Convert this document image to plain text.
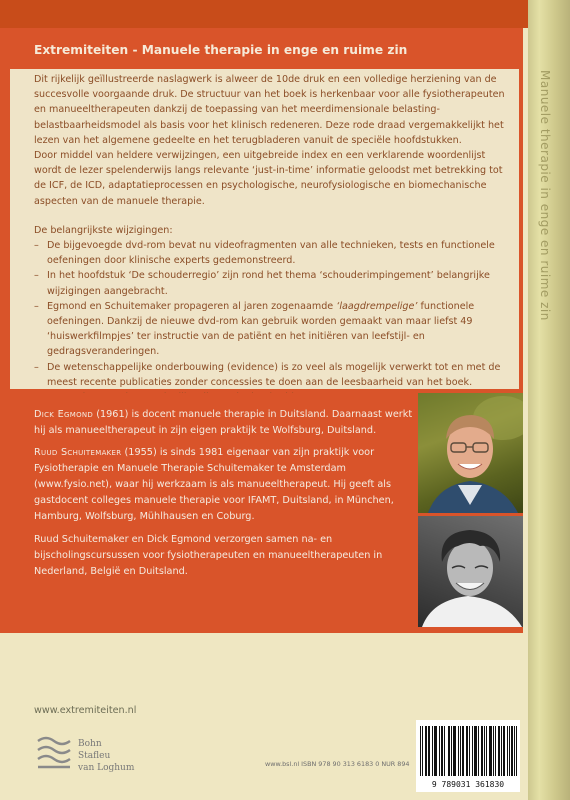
Manuele therapie in enge en ruime zin
Extremiteiten - Manuele therapie in enge en ruime zin

Dit rijkelijk geïllustreerde naslagwerk is alweer de 10de druk en een volledige herziening van de succesvolle voorgaande druk. De structuur van het boek is herkenbaar voor alle fysiotherapeuten en manueeltherapeuten dankzij de toepassing van het meerdimensionale belasting-belastbaarheidsmodel als basis voor het klinisch redeneren. Deze rode draad vergemakkelijkt het lezen van het algemene gedeelte en het terugbladeren vanuit de speciële hoofdstukken.

Door middel van heldere verwijzingen, een uitgebreide index en een verklarende woordenlijst wordt de lezer spelenderwijs langs relevante ‘just-in-time’ informatie geloodst met betrekking tot de ICF, de ICD, adaptatieprocessen en psychologische, neurofysiologische en biomechanische aspecten van de manuele therapie.

De belangrijkste wijzigingen:
– De bijgevoegde dvd-rom bevat nu videofragmenten van alle technieken, tests en functionele oefeningen door klinische experts gedemonstreerd.
– In het hoofdstuk ‘De schouderregio’ zijn rond het thema ‘schouderimpingement’ belangrijke wijzigingen aangebracht.
– Egmond en Schuitemaker propageren al jaren zogenaamde ‘laagdrempelige’ functionele oefeningen. Dankzij de nieuwe dvd-rom kan gebruik worden gemaakt van maar liefst 49 ‘huiswerkfilmpjes’ ter instructie van de patiënt en het initiëren van leefstijl- en gedragsveranderingen.
– De wetenschappelijke onderbouwing (evidence) is zo veel als mogelijk verwerkt tot en met de meest recente publicaties zonder concessies te doen aan de leesbaarheid van het boek.

Dick Egmond (1961) is docent manuele therapie in Duitsland. Daarnaast werkt hij als manueeltherapeut in zijn eigen praktijk te Wolfsburg, Duitsland.

Ruud Schuitemaker (1955) is sinds 1981 eigenaar van zijn praktijk voor Fysiotherapie en Manuele Therapie Schuitemaker te Amsterdam (www.fysio.net), waar hij werkzaam is als manueeltherapeut. Hij geeft als gastdocent colleges manuele therapie voor IFAMT, Duitsland, in München, Hamburg, Wolfsburg, Mühlhausen en Coburg.

Ruud Schuitemaker en Dick Egmond verzorgen samen na- en bijscholingscursussen voor fysiotherapeuten en manueeltherapeuten in Nederland, België en Duitsland.

www.extremiteiten.nl
Bohn
Stafleu
van Loghum	www.bsl.nl ISBN 978 90 313 6183 0 NUR 894
9 789031 361830
